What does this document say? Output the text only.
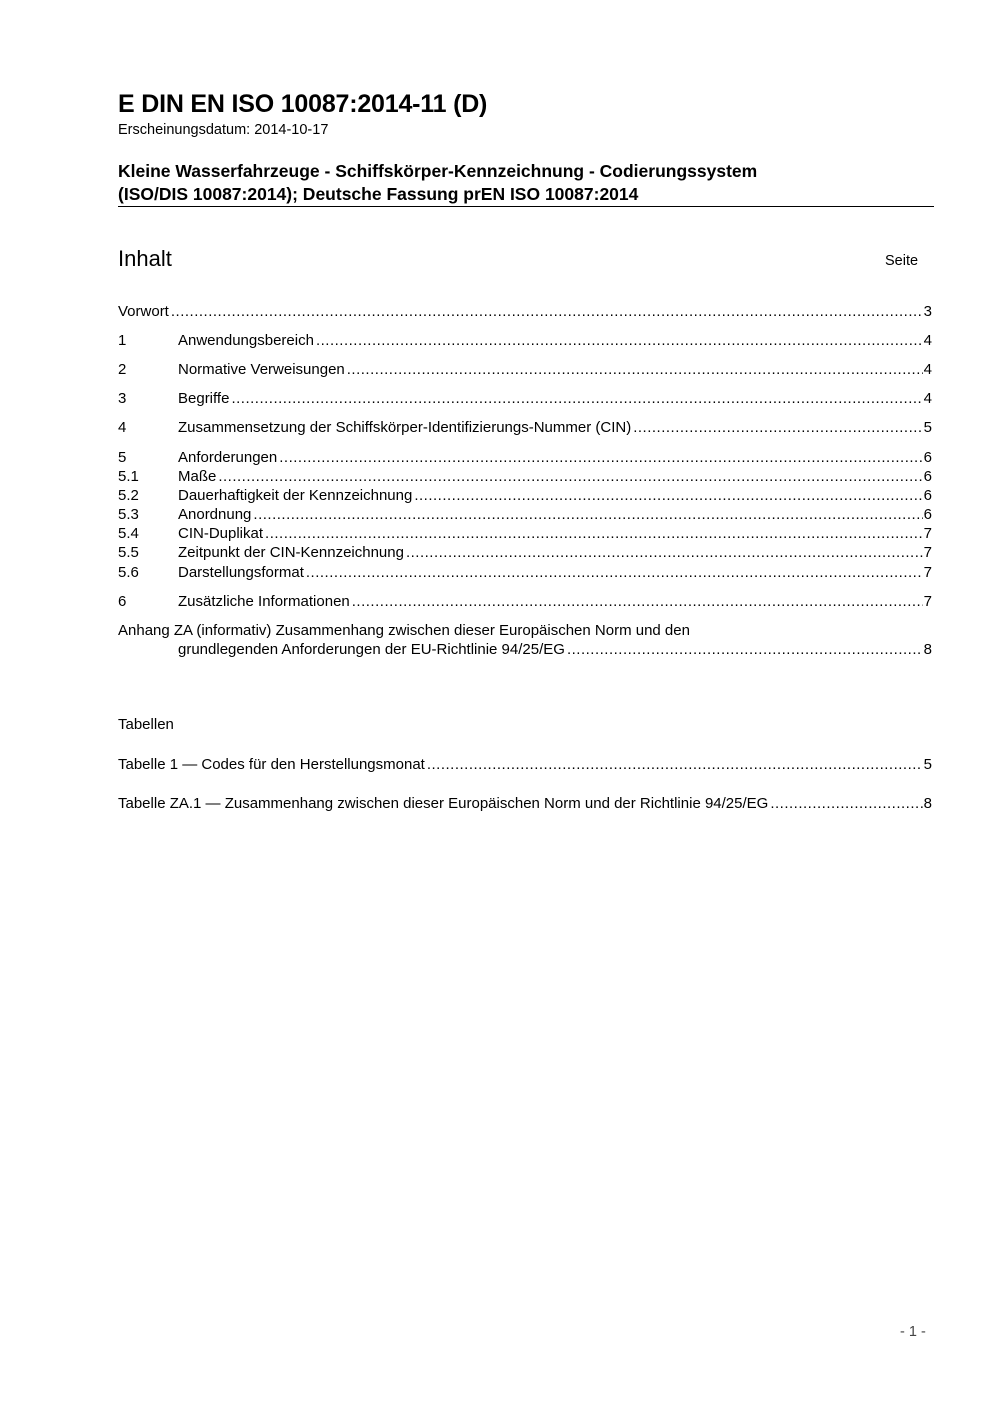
E DIN EN ISO 10087:2014-11 (D)
Erscheinungsdatum: 2014-10-17
Kleine Wasserfahrzeuge - Schiffskörper-Kennzeichnung - Codierungssystem
(ISO/DIS 10087:2014); Deutsche Fassung prEN ISO 10087:2014
Inhalt	Seite
Vorwort .....	3
1	Anwendungsbereich .....	4
2	Normative Verweisungen .....	4
3	Begriffe .....	4
4	Zusammensetzung der Schiffskörper-Identifizierungs-Nummer (CIN) .....	5
5	Anforderungen .....	6
5.1	Maße .....	6
5.2	Dauerhaftigkeit der Kennzeichnung .....	6
5.3	Anordnung .....	6
5.4	CIN-Duplikat .....	7
5.5	Zeitpunkt der CIN-Kennzeichnung .....	7
5.6	Darstellungsformat .....	7
6	Zusätzliche Informationen .....	7
Anhang ZA (informativ) Zusammenhang zwischen dieser Europäischen Norm und den
grundlegenden Anforderungen der EU-Richtlinie 94/25/EG .....	8
Tabellen
Tabelle 1 — Codes für den Herstellungsmonat .....	5
Tabelle ZA.1 — Zusammenhang zwischen dieser Europäischen Norm und der Richtlinie 94/25/EG .....	8
- 1 -
